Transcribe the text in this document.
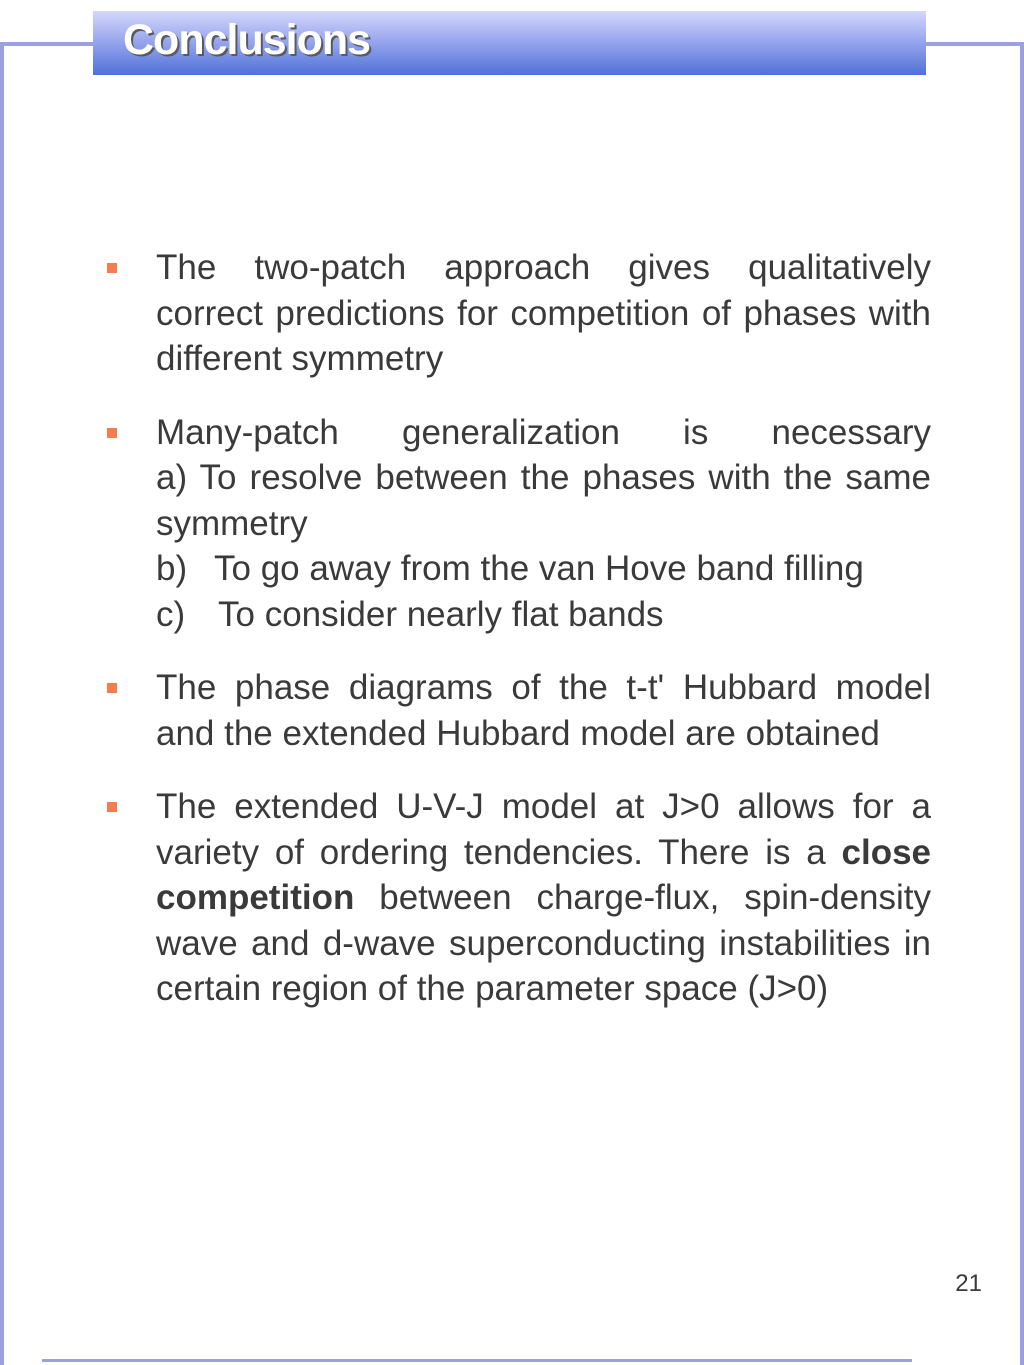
Conclusions
The two-patch approach gives qualitatively correct predictions for competition of phases with different symmetry
Many-patch generalization is necessary
a) To resolve between the phases with the same symmetry
b) To go away from the van Hove band filling
c) To consider nearly flat bands
The phase diagrams of the t-t' Hubbard model and the extended Hubbard model are obtained
The extended U-V-J model at J>0 allows for a variety of ordering tendencies. There is a close competition between charge-flux, spin-density wave and d-wave superconducting instabilities in certain region of the parameter space (J>0)
21
